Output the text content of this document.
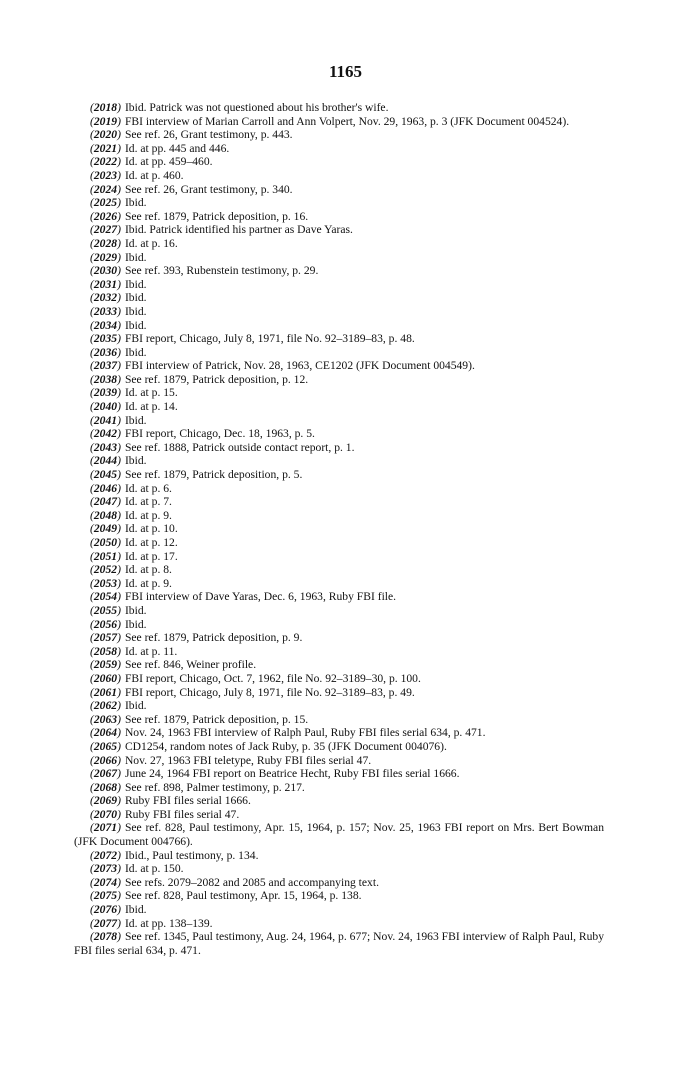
1165
(2018) Ibid. Patrick was not questioned about his brother's wife.
(2019) FBI interview of Marian Carroll and Ann Volpert, Nov. 29, 1963, p. 3 (JFK Document 004524).
(2020) See ref. 26, Grant testimony, p. 443.
(2021) Id. at pp. 445 and 446.
(2022) Id. at pp. 459–460.
(2023) Id. at p. 460.
(2024) See ref. 26, Grant testimony, p. 340.
(2025) Ibid.
(2026) See ref. 1879, Patrick deposition, p. 16.
(2027) Ibid. Patrick identified his partner as Dave Yaras.
(2028) Id. at p. 16.
(2029) Ibid.
(2030) See ref. 393, Rubenstein testimony, p. 29.
(2031) Ibid.
(2032) Ibid.
(2033) Ibid.
(2034) Ibid.
(2035) FBI report, Chicago, July 8, 1971, file No. 92–3189–83, p. 48.
(2036) Ibid.
(2037) FBI interview of Patrick, Nov. 28, 1963, CE1202 (JFK Document 004549).
(2038) See ref. 1879, Patrick deposition, p. 12.
(2039) Id. at p. 15.
(2040) Id. at p. 14.
(2041) Ibid.
(2042) FBI report, Chicago, Dec. 18, 1963, p. 5.
(2043) See ref. 1888, Patrick outside contact report, p. 1.
(2044) Ibid.
(2045) See ref. 1879, Patrick deposition, p. 5.
(2046) Id. at p. 6.
(2047) Id. at p. 7.
(2048) Id. at p. 9.
(2049) Id. at p. 10.
(2050) Id. at p. 12.
(2051) Id. at p. 17.
(2052) Id. at p. 8.
(2053) Id. at p. 9.
(2054) FBI interview of Dave Yaras, Dec. 6, 1963, Ruby FBI file.
(2055) Ibid.
(2056) Ibid.
(2057) See ref. 1879, Patrick deposition, p. 9.
(2058) Id. at p. 11.
(2059) See ref. 846, Weiner profile.
(2060) FBI report, Chicago, Oct. 7, 1962, file No. 92–3189–30, p. 100.
(2061) FBI report, Chicago, July 8, 1971, file No. 92–3189–83, p. 49.
(2062) Ibid.
(2063) See ref. 1879, Patrick deposition, p. 15.
(2064) Nov. 24, 1963 FBI interview of Ralph Paul, Ruby FBI files serial 634, p. 471.
(2065) CD1254, random notes of Jack Ruby, p. 35 (JFK Document 004076).
(2066) Nov. 27, 1963 FBI teletype, Ruby FBI files serial 47.
(2067) June 24, 1964 FBI report on Beatrice Hecht, Ruby FBI files serial 1666.
(2068) See ref. 898, Palmer testimony, p. 217.
(2069) Ruby FBI files serial 1666.
(2070) Ruby FBI files serial 47.
(2071) See ref. 828, Paul testimony, Apr. 15, 1964, p. 157; Nov. 25, 1963 FBI report on Mrs. Bert Bowman (JFK Document 004766).
(2072) Ibid., Paul testimony, p. 134.
(2073) Id. at p. 150.
(2074) See refs. 2079–2082 and 2085 and accompanying text.
(2075) See ref. 828, Paul testimony, Apr. 15, 1964, p. 138.
(2076) Ibid.
(2077) Id. at pp. 138–139.
(2078) See ref. 1345, Paul testimony, Aug. 24, 1964, p. 677; Nov. 24, 1963 FBI interview of Ralph Paul, Ruby FBI files serial 634, p. 471.
